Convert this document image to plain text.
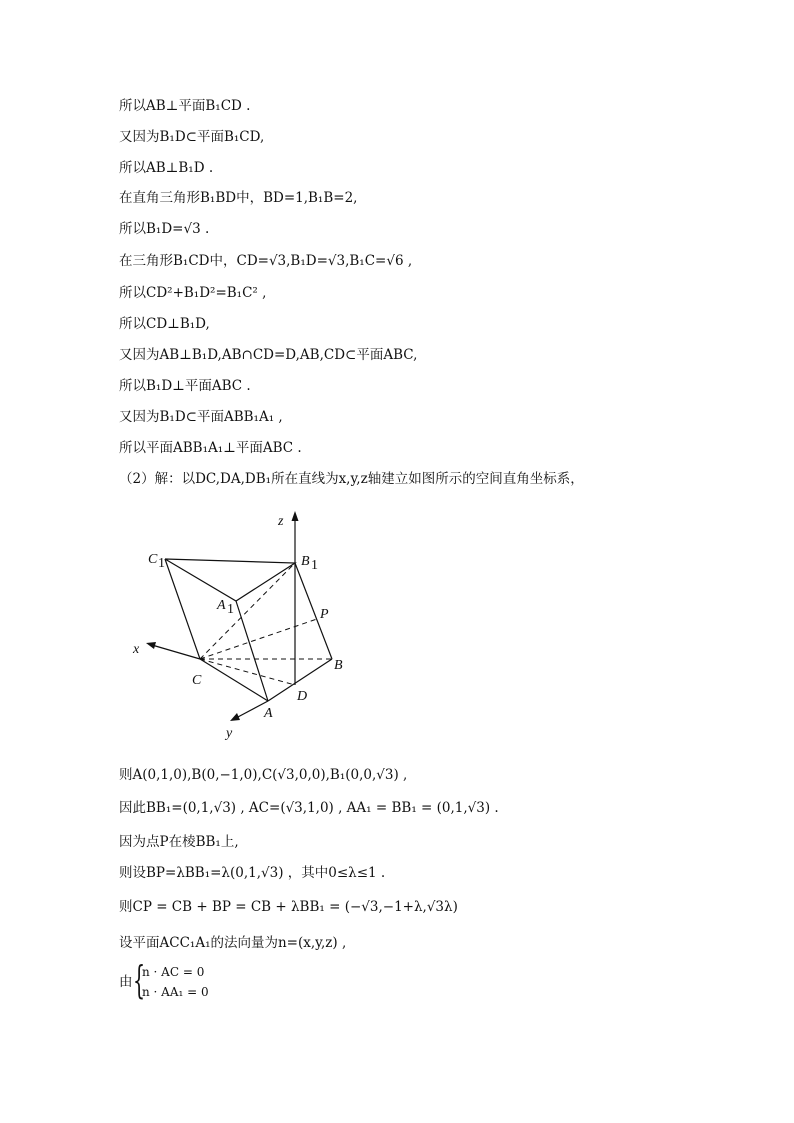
所以AB⊥平面B₁CD .
又因为B₁D⊂平面B₁CD,
所以AB⊥B₁D .
在直角三角形B₁BD中，BD=1,B₁B=2,
所以B₁D=√3 .
在三角形B₁CD中，CD=√3,B₁D=√3,B₁C=√6 ,
所以CD²+B₁D²=B₁C² ,
所以CD⊥B₁D,
又因为AB⊥B₁D,AB∩CD=D,AB,CD⊂平面ABC,
所以B₁D⊥平面ABC .
又因为B₁D⊂平面ABB₁A₁ ,
所以平面ABB₁A₁⊥平面ABC .
（2）解：以DC,DA,DB₁所在直线为x,y,z轴建立如图所示的空间直角坐标系，
z
x
y
C 1	B 1
A 1	P
B
C
D
A
则A(0,1,0),B(0,−1,0),C(√3,0,0),B₁(0,0,√3) ,
因此BB₁=(0,1,√3) , AC=(√3,1,0) , AA₁ = BB₁ = (0,1,√3) .
因为点P在棱BB₁上,
则设BP=λBB₁=λ(0,1,√3) ，其中0≤λ≤1 .
则CP = CB + BP = CB + λBB₁ = (−√3,−1+λ,√3λ)
设平面ACC₁A₁的法向量为n=(x,y,z) ,
由 {
n · AC = 0
n · AA₁ = 0
